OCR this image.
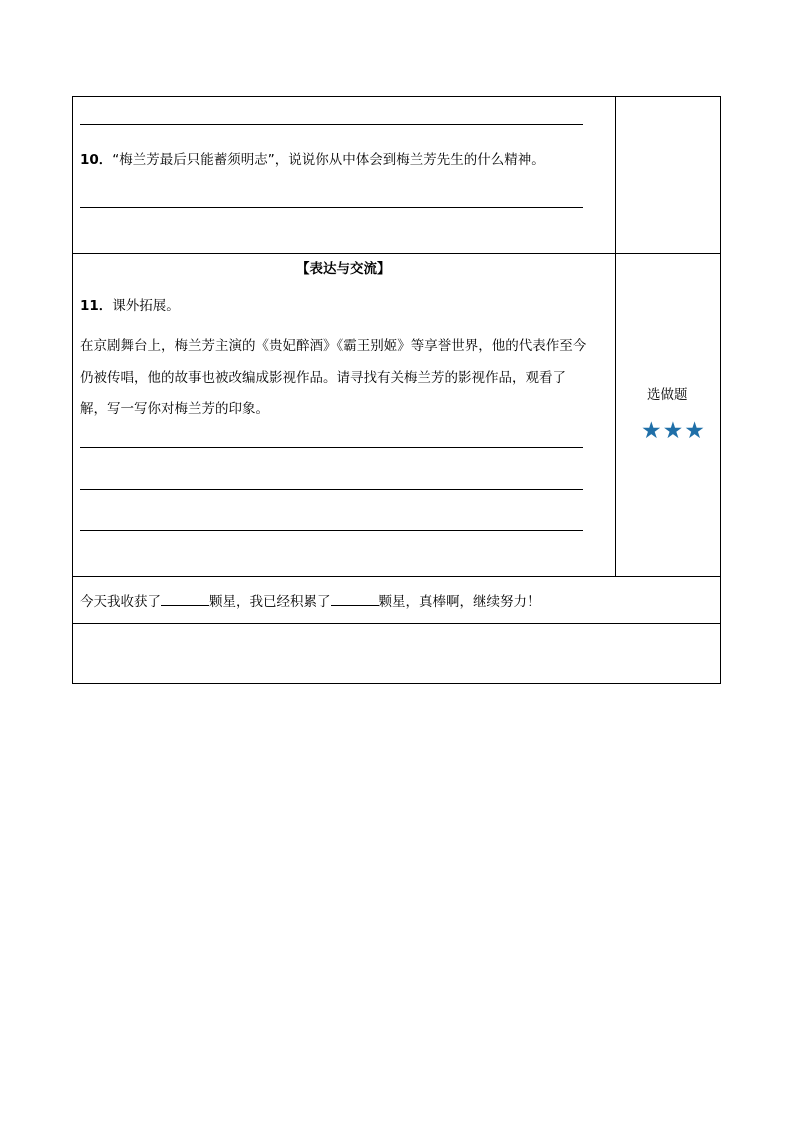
10．“梅兰芳最后只能蓄须明志”，说说你从中体会到梅兰芳先生的什么精神。
【表达与交流】
11．课外拓展。
在京剧舞台上，梅兰芳主演的《贵妃醉酒》《霸王别姬》等享誉世界，他的代表作至今
仍被传唱，他的故事也被改编成影视作品。请寻找有关梅兰芳的影视作品，观看了
解，写一写你对梅兰芳的印象。
选做题
★★★
今天我收获了	颗星，我已经积累了	颗星，真棒啊，继续努力！
